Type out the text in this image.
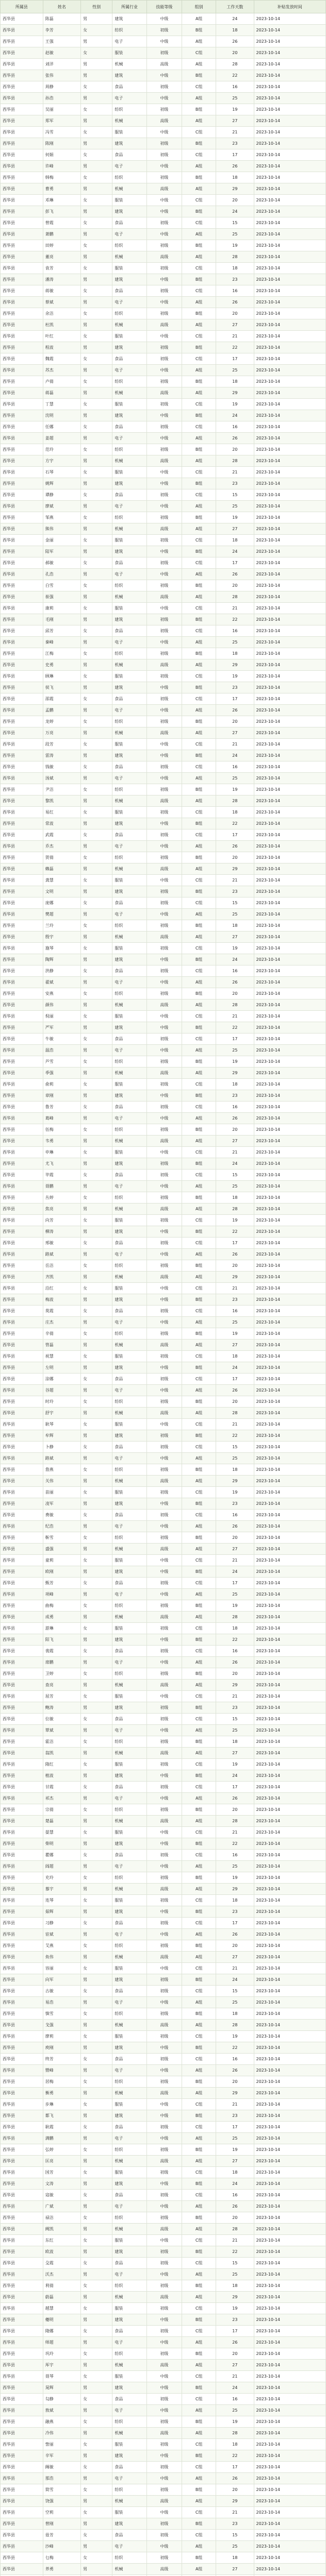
所属县	姓名	性别	所属行业	技能等级	组别	工作天数	补贴发放时间
西华县	陈磊	男	建筑	中级	A组	24	2023-10-14
西华县	李芳	女	纺织	初级	B组	18	2023-10-14
西华县	王强	男	电子	中级	A组	26	2023-10-14
西华县	赵敏	女	服装	初级	C组	20	2023-10-14
西华县	刘洋	男	机械	高级	A组	28	2023-10-14
西华县	张伟	男	建筑	中级	B组	22	2023-10-14
西华县	周静	女	食品	初级	C组	16	2023-10-14
西华县	孙浩	男	电子	中级	A组	25	2023-10-14
西华县	吴丽	女	纺织	初级	B组	19	2023-10-14
西华县	郑军	男	机械	高级	A组	27	2023-10-14
西华县	冯雪	女	服装	中级	C组	21	2023-10-14
西华县	陈刚	男	建筑	初级	B组	23	2023-10-14
西华县	何娟	女	食品	初级	C组	17	2023-10-14
西华县	许峰	男	电子	中级	A组	26	2023-10-14
西华县	韩梅	女	纺织	初级	B组	18	2023-10-14
西华县	曹勇	男	机械	高级	A组	29	2023-10-14
西华县	邓琳	女	服装	中级	C组	20	2023-10-14
西华县	彭飞	男	建筑	中级	B组	24	2023-10-14
西华县	曾霞	女	食品	初级	C组	15	2023-10-14
西华县	萧鹏	男	电子	中级	A组	25	2023-10-14
西华县	田婷	女	纺织	初级	B组	19	2023-10-14
西华县	董亮	男	机械	高级	A组	28	2023-10-14
西华县	袁芳	女	服装	初级	C组	18	2023-10-14
西华县	潘涛	男	建筑	中级	B组	23	2023-10-14
西华县	蒋敏	女	食品	初级	C组	16	2023-10-14
西华县	蔡斌	男	电子	中级	A组	26	2023-10-14
西华县	余洁	女	纺织	初级	B组	20	2023-10-14
西华县	杜凯	男	机械	高级	A组	27	2023-10-14
西华县	叶红	女	服装	中级	C组	21	2023-10-14
西华县	程波	男	建筑	初级	B组	22	2023-10-14
西华县	魏霞	女	食品	初级	C组	17	2023-10-14
西华县	苏杰	男	电子	中级	A组	25	2023-10-14
西华县	卢倩	女	纺织	初级	B组	18	2023-10-14
西华县	蒋磊	男	机械	高级	A组	29	2023-10-14
西华县	丁慧	女	服装	初级	C组	19	2023-10-14
西华县	沈明	男	建筑	中级	B组	24	2023-10-14
西华县	任娜	女	食品	初级	C组	16	2023-10-14
西华县	姜超	男	电子	中级	A组	26	2023-10-14
西华县	范玲	女	纺织	初级	B组	20	2023-10-14
西华县	方宇	男	机械	高级	A组	28	2023-10-14
西华县	石琴	女	服装	中级	C组	21	2023-10-14
西华县	姚辉	男	建筑	中级	B组	23	2023-10-14
西华县	谭静	女	食品	初级	C组	15	2023-10-14
西华县	廖斌	男	电子	中级	A组	25	2023-10-14
西华县	邹燕	女	纺织	初级	B组	19	2023-10-14
西华县	熊伟	男	机械	高级	A组	27	2023-10-14
西华县	金丽	女	服装	初级	C组	18	2023-10-14
西华县	陆军	男	建筑	中级	B组	24	2023-10-14
西华县	郝敏	女	食品	初级	C组	17	2023-10-14
西华县	孔浩	男	电子	中级	A组	26	2023-10-14
西华县	白雪	女	纺织	初级	B组	20	2023-10-14
西华县	崔强	男	机械	高级	A组	28	2023-10-14
西华县	康莉	女	服装	中级	C组	21	2023-10-14
西华县	毛刚	男	建筑	初级	B组	22	2023-10-14
西华县	邱芳	女	食品	初级	C组	16	2023-10-14
西华县	秦峰	男	电子	中级	A组	25	2023-10-14
西华县	江梅	女	纺织	初级	B组	18	2023-10-14
西华县	史勇	男	机械	高级	A组	29	2023-10-14
西华县	顾琳	女	服装	初级	C组	19	2023-10-14
西华县	侯飞	男	建筑	中级	B组	23	2023-10-14
西华县	邵霞	女	食品	初级	C组	17	2023-10-14
西华县	孟鹏	男	电子	中级	A组	26	2023-10-14
西华县	龙婷	女	纺织	初级	B组	20	2023-10-14
西华县	万亮	男	机械	高级	A组	27	2023-10-14
西华县	段芳	女	服装	中级	C组	21	2023-10-14
西华县	雷涛	男	建筑	中级	B组	24	2023-10-14
西华县	钱敏	女	食品	初级	C组	16	2023-10-14
西华县	汤斌	男	电子	中级	A组	25	2023-10-14
西华县	尹洁	女	纺织	初级	B组	19	2023-10-14
西华县	黎凯	男	机械	高级	A组	28	2023-10-14
西华县	易红	女	服装	初级	C组	18	2023-10-14
西华县	常波	男	建筑	中级	B组	22	2023-10-14
西华县	武霞	女	食品	初级	C组	17	2023-10-14
西华县	乔杰	男	电子	中级	A组	26	2023-10-14
西华县	贺倩	女	纺织	初级	B组	20	2023-10-14
西华县	赖磊	男	机械	高级	A组	29	2023-10-14
西华县	龚慧	女	服装	中级	C组	21	2023-10-14
西华县	文明	男	建筑	初级	B组	23	2023-10-14
西华县	庞娜	女	食品	初级	C组	15	2023-10-14
西华县	樊超	男	电子	中级	A组	25	2023-10-14
西华县	兰玲	女	纺织	初级	B组	18	2023-10-14
西华县	殷宇	男	机械	高级	A组	27	2023-10-14
西华县	施琴	女	服装	初级	C组	19	2023-10-14
西华县	陶辉	男	建筑	中级	B组	24	2023-10-14
西华县	洪静	女	食品	初级	C组	16	2023-10-14
西华县	翟斌	男	电子	中级	A组	26	2023-10-14
西华县	安燕	女	纺织	初级	B组	20	2023-10-14
西华县	颜伟	男	机械	高级	A组	28	2023-10-14
西华县	倪丽	女	服装	中级	C组	21	2023-10-14
西华县	严军	男	建筑	中级	B组	22	2023-10-14
西华县	牛敏	女	食品	初级	C组	17	2023-10-14
西华县	温浩	男	电子	中级	A组	25	2023-10-14
西华县	芦雪	女	纺织	初级	B组	19	2023-10-14
西华县	季强	男	机械	高级	A组	29	2023-10-14
西华县	俞莉	女	服装	初级	C组	18	2023-10-14
西华县	章刚	男	建筑	中级	B组	23	2023-10-14
西华县	鲁芳	女	食品	初级	C组	16	2023-10-14
西华县	葛峰	男	电子	中级	A组	26	2023-10-14
西华县	伍梅	女	纺织	初级	B组	20	2023-10-14
西华县	韦勇	男	机械	高级	A组	27	2023-10-14
西华县	申琳	女	服装	中级	C组	21	2023-10-14
西华县	尤飞	男	建筑	初级	B组	24	2023-10-14
西华县	毕霞	女	食品	初级	C组	15	2023-10-14
西华县	聂鹏	男	电子	中级	A组	25	2023-10-14
西华县	丛婷	女	纺织	初级	B组	18	2023-10-14
西华县	焦亮	男	机械	高级	A组	28	2023-10-14
西华县	向芳	女	服装	初级	C组	19	2023-10-14
西华县	柳涛	男	建筑	中级	B组	22	2023-10-14
西华县	邢敏	女	食品	初级	C组	17	2023-10-14
西华县	路斌	男	电子	中级	A组	26	2023-10-14
西华县	岳洁	女	纺织	初级	B组	20	2023-10-14
西华县	齐凯	男	机械	高级	A组	29	2023-10-14
西华县	沿红	女	服装	中级	C组	21	2023-10-14
西华县	梅波	男	建筑	中级	B组	23	2023-10-14
西华县	莫霞	女	食品	初级	C组	16	2023-10-14
西华县	庄杰	男	电子	中级	A组	25	2023-10-14
西华县	辛倩	女	纺织	初级	B组	19	2023-10-14
西华县	管磊	男	机械	高级	A组	27	2023-10-14
西华县	祝慧	女	服装	初级	C组	18	2023-10-14
西华县	左明	男	建筑	中级	B组	24	2023-10-14
西华县	涂娜	女	食品	初级	C组	17	2023-10-14
西华县	谷超	男	电子	中级	A组	26	2023-10-14
西华县	时玲	女	纺织	初级	B组	20	2023-10-14
西华县	舒宇	男	机械	高级	A组	28	2023-10-14
西华县	耿琴	女	服装	中级	C组	21	2023-10-14
西华县	牟辉	男	建筑	初级	B组	22	2023-10-14
西华县	卜静	女	食品	初级	C组	15	2023-10-14
西华县	路斌	男	电子	中级	A组	25	2023-10-14
西华县	詹燕	女	纺织	初级	B组	18	2023-10-14
西华县	关伟	男	机械	高级	A组	29	2023-10-14
西华县	苗丽	女	服装	初级	C组	19	2023-10-14
西华县	凌军	男	建筑	中级	B组	23	2023-10-14
西华县	费敏	女	食品	初级	C组	16	2023-10-14
西华县	纪浩	男	电子	中级	A组	26	2023-10-14
西华县	靳雪	女	纺织	初级	B组	20	2023-10-14
西华县	盛强	男	机械	高级	A组	27	2023-10-14
西华县	童莉	女	服装	中级	C组	21	2023-10-14
西华县	欧刚	男	建筑	中级	B组	24	2023-10-14
西华县	甄芳	女	食品	初级	C组	17	2023-10-14
西华县	项峰	男	电子	中级	A组	25	2023-10-14
西华县	曲梅	女	纺织	初级	B组	19	2023-10-14
西华县	成勇	男	机械	高级	A组	28	2023-10-14
西华县	游琳	女	服装	初级	C组	18	2023-10-14
西华县	阳飞	男	建筑	中级	B组	22	2023-10-14
西华县	裴霞	女	食品	初级	C组	16	2023-10-14
西华县	席鹏	男	电子	中级	A组	26	2023-10-14
西华县	卫婷	女	纺织	初级	B组	20	2023-10-14
西华县	查亮	男	机械	高级	A组	29	2023-10-14
西华县	屈芳	女	服装	中级	C组	21	2023-10-14
西华县	鲍涛	男	建筑	初级	B组	23	2023-10-14
西华县	位敏	女	食品	初级	C组	15	2023-10-14
西华县	覃斌	男	电子	中级	A组	25	2023-10-14
西华县	霍洁	女	纺织	初级	B组	18	2023-10-14
西华县	翁凯	男	机械	高级	A组	27	2023-10-14
西华县	隋红	女	服装	初级	C组	19	2023-10-14
西华县	植波	男	建筑	中级	B组	24	2023-10-14
西华县	甘霞	女	食品	初级	C组	17	2023-10-14
西华县	祁杰	男	电子	中级	A组	26	2023-10-14
西华县	宗倩	女	纺织	初级	B组	20	2023-10-14
西华县	楚磊	男	机械	高级	A组	28	2023-10-14
西华县	晏慧	女	服装	中级	C组	21	2023-10-14
西华县	柴明	男	建筑	中级	B组	22	2023-10-14
西华县	瞿娜	女	食品	初级	C组	16	2023-10-14
西华县	阎超	男	电子	中级	A组	25	2023-10-14
西华县	充玲	女	纺织	初级	B组	19	2023-10-14
西华县	慕宇	男	机械	高级	A组	29	2023-10-14
西华县	连琴	女	服装	初级	C组	18	2023-10-14
西华县	茹辉	男	建筑	中级	B组	23	2023-10-14
西华县	习静	女	食品	初级	C组	17	2023-10-14
西华县	宦斌	男	电子	中级	A组	26	2023-10-14
西华县	艾燕	女	纺织	初级	B组	20	2023-10-14
西华县	鱼伟	男	机械	高级	A组	27	2023-10-14
西华县	容丽	女	服装	中级	C组	21	2023-10-14
西华县	向军	男	建筑	初级	B组	24	2023-10-14
西华县	古敏	女	食品	初级	C组	15	2023-10-14
西华县	易浩	男	电子	中级	A组	25	2023-10-14
西华县	慎雪	女	纺织	初级	B组	18	2023-10-14
西华县	戈强	男	机械	高级	A组	28	2023-10-14
西华县	廖莉	女	服装	初级	C组	19	2023-10-14
西华县	庾刚	男	建筑	中级	B组	22	2023-10-14
西华县	终芳	女	食品	初级	C组	16	2023-10-14
西华县	暨峰	男	电子	中级	A组	26	2023-10-14
西华县	居梅	女	纺织	初级	B组	20	2023-10-14
西华县	衡勇	男	机械	高级	A组	29	2023-10-14
西华县	步琳	女	服装	中级	C组	21	2023-10-14
西华县	都飞	男	建筑	中级	B组	23	2023-10-14
西华县	耿霞	女	食品	初级	C组	17	2023-10-14
西华县	满鹏	男	电子	中级	A组	25	2023-10-14
西华县	弘婷	女	纺织	初级	B组	19	2023-10-14
西华县	匡亮	男	机械	高级	A组	27	2023-10-14
西华县	国芳	女	服装	初级	C组	18	2023-10-14
西华县	文涛	男	建筑	中级	B组	24	2023-10-14
西华县	寇敏	女	食品	初级	C组	16	2023-10-14
西华县	广斌	男	电子	中级	A组	26	2023-10-14
西华县	禄洁	女	纺织	初级	B组	20	2023-10-14
西华县	阙凯	男	机械	高级	A组	28	2023-10-14
西华县	东红	女	服装	中级	C组	21	2023-10-14
西华县	欧波	男	建筑	初级	B组	22	2023-10-14
西华县	殳霞	女	食品	初级	C组	15	2023-10-14
西华县	沃杰	男	电子	中级	A组	25	2023-10-14
西华县	利倩	女	纺织	初级	B组	18	2023-10-14
西华县	蔚磊	男	机械	高级	A组	29	2023-10-14
西华县	越慧	女	服装	初级	C组	19	2023-10-14
西华县	夔明	男	建筑	中级	B组	23	2023-10-14
西华县	隆娜	女	食品	初级	C组	17	2023-10-14
西华县	师超	男	电子	中级	A组	26	2023-10-14
西华县	巩玲	女	纺织	初级	B组	20	2023-10-14
西华县	厍宇	男	机械	高级	A组	27	2023-10-14
西华县	聂琴	女	服装	中级	C组	21	2023-10-14
西华县	晁辉	男	建筑	中级	B组	24	2023-10-14
西华县	勾静	女	食品	初级	C组	16	2023-10-14
西华县	敖斌	男	电子	中级	A组	25	2023-10-14
西华县	融燕	女	纺织	初级	B组	19	2023-10-14
西华县	冷伟	男	机械	高级	A组	28	2023-10-14
西华县	訾丽	女	服装	初级	C组	18	2023-10-14
西华县	辛军	男	建筑	中级	B组	22	2023-10-14
西华县	阚敏	女	食品	初级	C组	17	2023-10-14
西华县	那浩	男	电子	中级	A组	26	2023-10-14
西华县	简雪	女	纺织	初级	B组	20	2023-10-14
西华县	饶强	男	机械	高级	A组	29	2023-10-14
西华县	空莉	女	服装	中级	C组	21	2023-10-14
西华县	曾刚	男	建筑	初级	B组	23	2023-10-14
西华县	毋芳	女	食品	初级	C组	15	2023-10-14
西华县	沙峰	男	电子	中级	A组	25	2023-10-14
西华县	乜梅	女	纺织	初级	B组	18	2023-10-14
西华县	养勇	男	机械	高级	A组	27	2023-10-14
